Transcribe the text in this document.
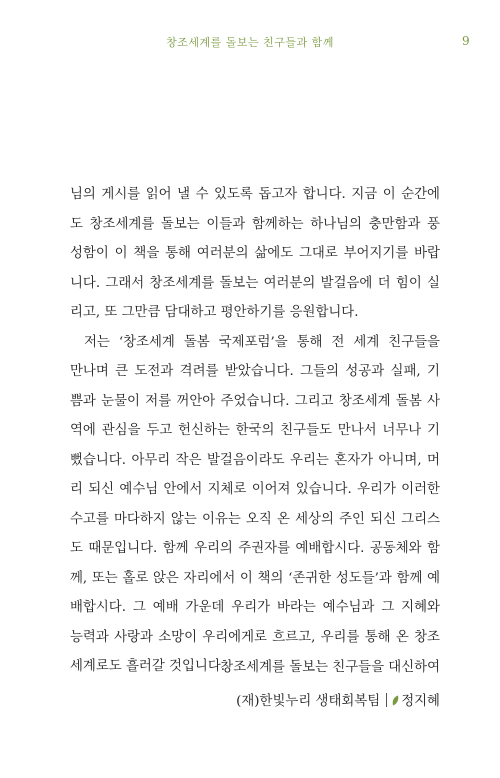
창조세계를 돌보는 친구들과 함께	9

님의 게시를 읽어 낼 수 있도록 돕고자 합니다. 지금 이 순간에
도 창조세계를 돌보는 이들과 함께하는 하나님의 충만함과 풍
성함이 이 책을 통해 여러분의 삶에도 그대로 부어지기를 바랍
니다. 그래서 창조세계를 돌보는 여러분의 발걸음에 더 힘이 실
리고, 또 그만큼 담대하고 평안하기를 응원합니다.

저는 ‘창조세계 돌봄 국제포럼’을 통해 전 세계 친구들을
만나며 큰 도전과 격려를 받았습니다. 그들의 성공과 실패, 기
쁨과 눈물이 저를 꺼안아 주었습니다. 그리고 창조세계 돌봄 사
역에 관심을 두고 헌신하는 한국의 친구들도 만나서 너무나 기
뻤습니다. 아무리 작은 발걸음이라도 우리는 혼자가 아니며, 머
리 되신 예수님 안에서 지체로 이어져 있습니다. 우리가 이러한
수고를 마다하지 않는 이유는 오직 온 세상의 주인 되신 그리스
도 때문입니다. 함께 우리의 주권자를 예배합시다. 공동체와 함
께, 또는 홀로 앉은 자리에서 이 책의 ‘존귀한 성도들’과 함께 예
배합시다. 그 예배 가운데 우리가 바라는 예수님과 그 지혜와
능력과 사랑과 소망이 우리에게로 흐르고, 우리를 통해 온 창조
세계로도 흘러갈 것입니다.

창조세계를 돌보는 친구들을 대신하여
(재)한빛누리 생태회복팀 정지혜
